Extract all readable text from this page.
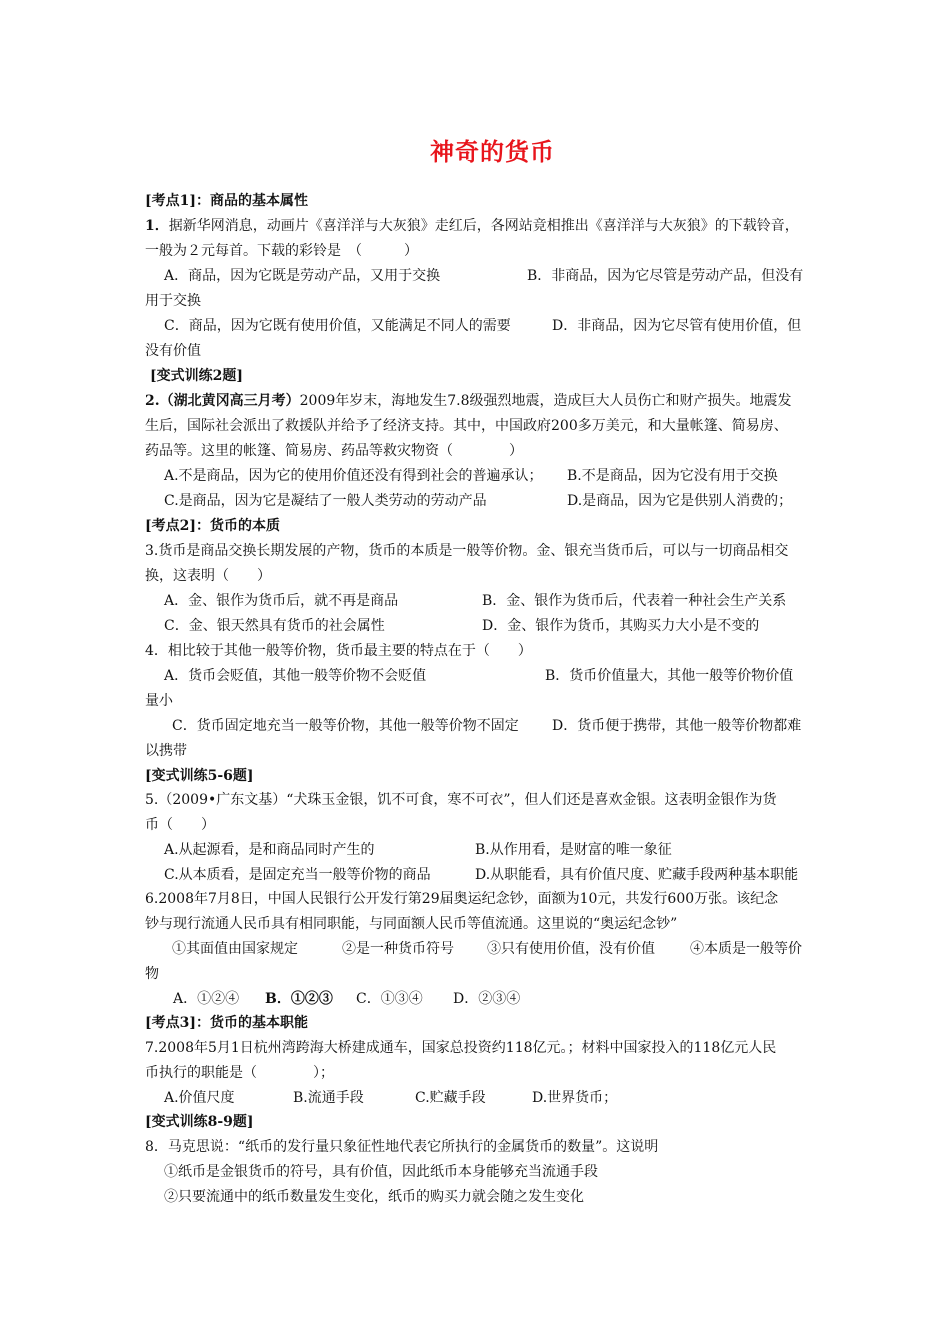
神奇的货币
[考点1]：商品的基本属性
1．据新华网消息，动画片《喜洋洋与大灰狼》走红后，各网站竞相推出《喜洋洋与大灰狼》的下载铃音，
一般为２元每首。下载的彩铃是　（　　　）
A．商品，因为它既是劳动产品，又用于交换	B．非商品，因为它尽管是劳动产品，但没有
用于交换
C．商品，因为它既有使用价值，又能满足不同人的需要	D．非商品，因为它尽管有使用价值，但
没有价值
[变式训练2题]
2.（湖北黄冈高三月考）2009年岁末，海地发生7.8级强烈地震，造成巨大人员伤亡和财产损失。地震发
生后，国际社会派出了救援队并给予了经济支持。其中，中国政府200多万美元，和大量帐篷、简易房、
药品等。这里的帐篷、简易房、药品等救灾物资（　　　　）
A.不是商品，因为它的使用价值还没有得到社会的普遍承认； B.不是商品，因为它没有用于交换
C.是商品，因为它是凝结了一般人类劳动的劳动产品	D.是商品，因为它是供别人消费的；
[考点2]：货币的本质
3.货币是商品交换长期发展的产物，货币的本质是一般等价物。金、银充当货币后，可以与一切商品相交
换，这表明（　　）
A．金、银作为货币后，就不再是商品	B．金、银作为货币后，代表着一种社会生产关系
C．金、银天然具有货币的社会属性	D．金、银作为货币，其购买力大小是不变的
4．相比较于其他一般等价物，货币最主要的特点在于（　　）
A．货币会贬值，其他一般等价物不会贬值	B．货币价值量大，其他一般等价物价值
量小
C．货币固定地充当一般等价物，其他一般等价物不固定 D．货币便于携带，其他一般等价物都难
以携带
[变式训练5-6题]
5.（2009•广东文基）“犬珠玉金银，饥不可食，寒不可衣”，但人们还是喜欢金银。这表明金银作为货
币（　　）
A.从起源看，是和商品同时产生的	B.从作用看，是财富的唯一象征
C.从本质看，是固定充当一般等价物的商品	D.从职能看，具有价值尺度、贮藏手段两种基本职能
6.2008年7月8日，中国人民银行公开发行第29届奥运纪念钞，面额为10元，共发行600万张。该纪念
钞与现行流通人民币具有相同职能，与同面额人民币等值流通。这里说的“奥运纪念钞”
①其面值由国家规定	②是一种货币符号 ③只有使用价值，没有价值	④本质是一般等价
物
A．①②④ B．①②③ C．①③④ D．②③④
[考点3]：货币的基本职能
7.2008年5月1日杭州湾跨海大桥建成通车，国家总投资约118亿元。；材料中国家投入的118亿元人民
币执行的职能是（　　　　）；
A.价值尺度	B.流通手段	C.贮藏手段	D.世界货币；
[变式训练8-9题]
8．马克思说：“纸币的发行量只象征性地代表它所执行的金属货币的数量”。这说明
①纸币是金银货币的符号，具有价值，因此纸币本身能够充当流通手段
②只要流通中的纸币数量发生变化，纸币的购买力就会随之发生变化
